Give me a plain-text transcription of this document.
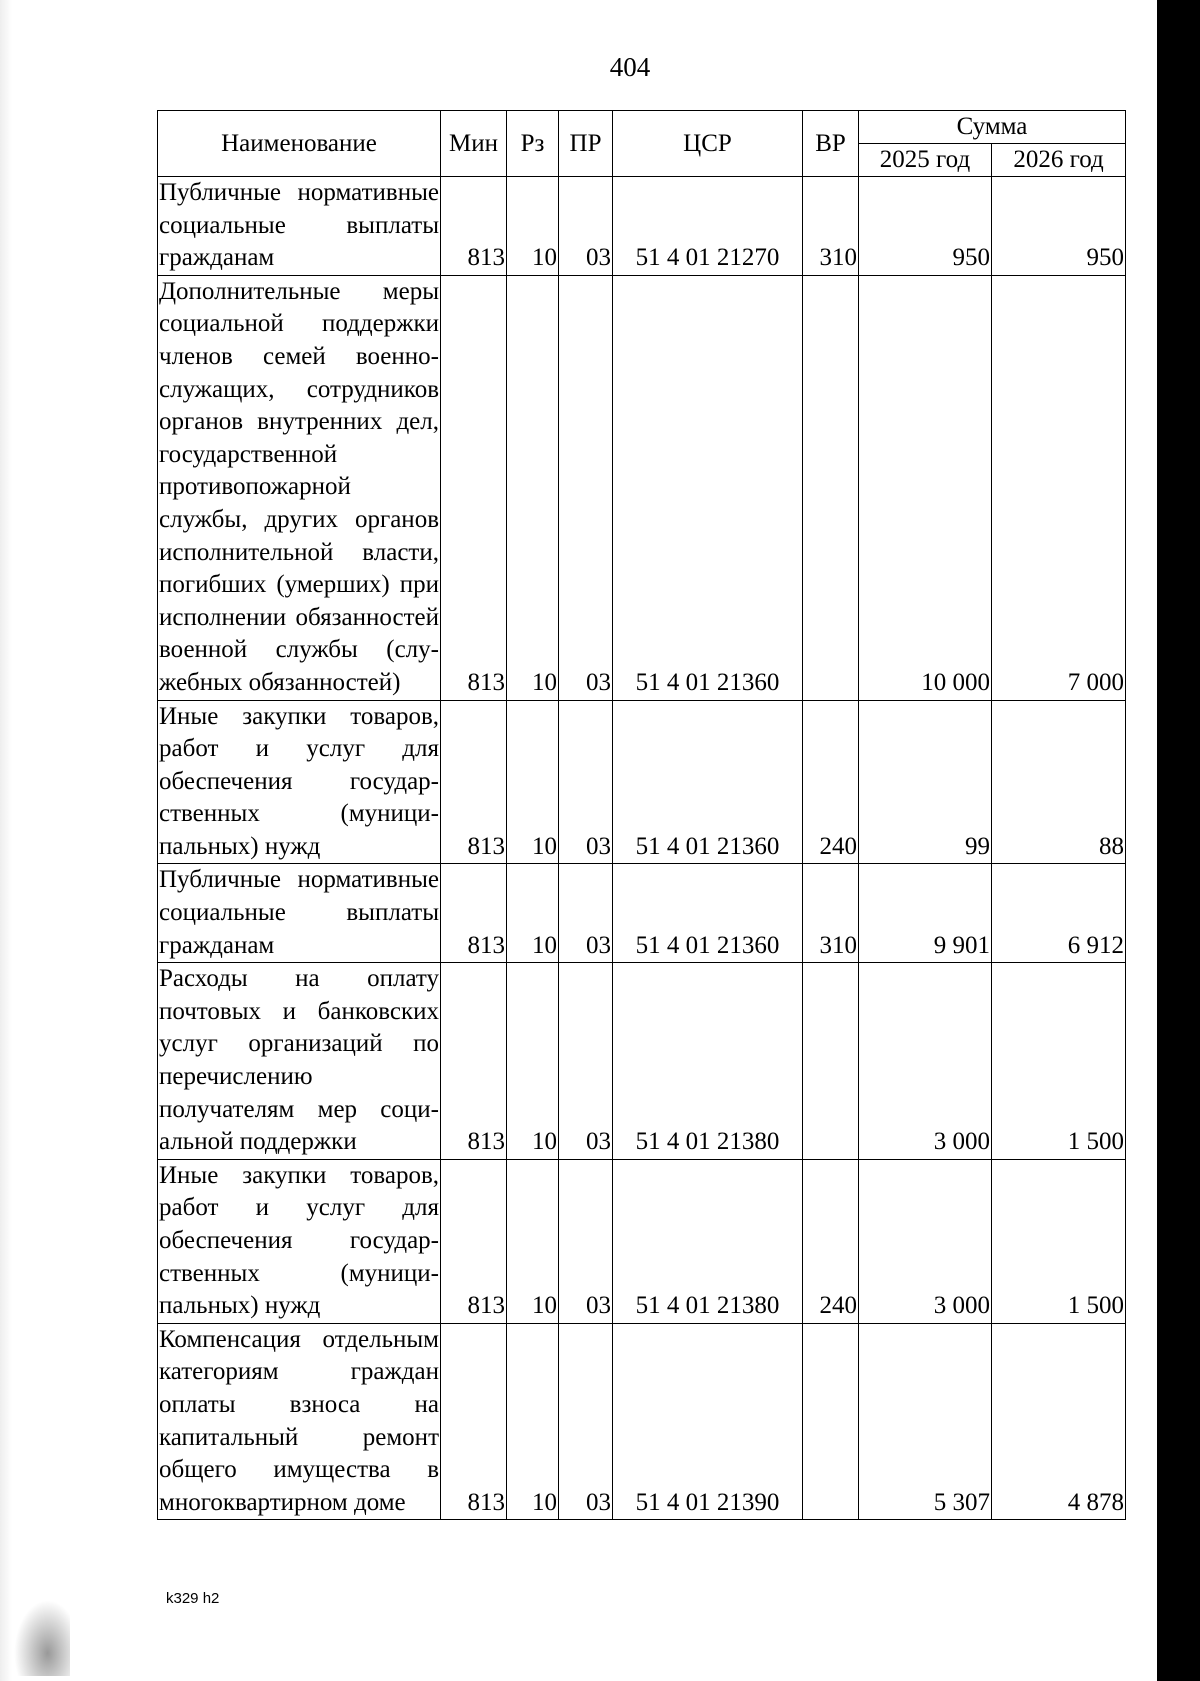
404
Наименование	Мин	Рз	ПР	ЦСР	ВР	Сумма	
						2025 год	2026 год
Публичные нормативные социальные выплаты гражданам	813	10	03	51 4 01 21270	310	950	950
Дополнительные меры социальной поддержки членов семей военнослужащих, сотрудников органов внутренних дел, государственной противопожарной службы, других органов исполнительной власти, погибших (умерших) при исполнении обязанностей военной службы (служебных обязанностей)	813	10	03	51 4 01 21360		10 000	7 000
Иные закупки товаров, работ и услуг для обеспечения государственных (муниципальных) нужд	813	10	03	51 4 01 21360	240	99	88
Публичные нормативные социальные выплаты гражданам	813	10	03	51 4 01 21360	310	9 901	6 912
Расходы на оплату почтовых и банковских услуг организаций по перечислению получателям мер социальной поддержки	813	10	03	51 4 01 21380		3 000	1 500
Иные закупки товаров, работ и услуг для обеспечения государственных (муниципальных) нужд	813	10	03	51 4 01 21380	240	3 000	1 500
Компенсация отдельным категориям граждан оплаты взноса на капитальный ремонт общего имущества в многоквартирном доме	813	10	03	51 4 01 21390		5 307	4 878
k329 h2
